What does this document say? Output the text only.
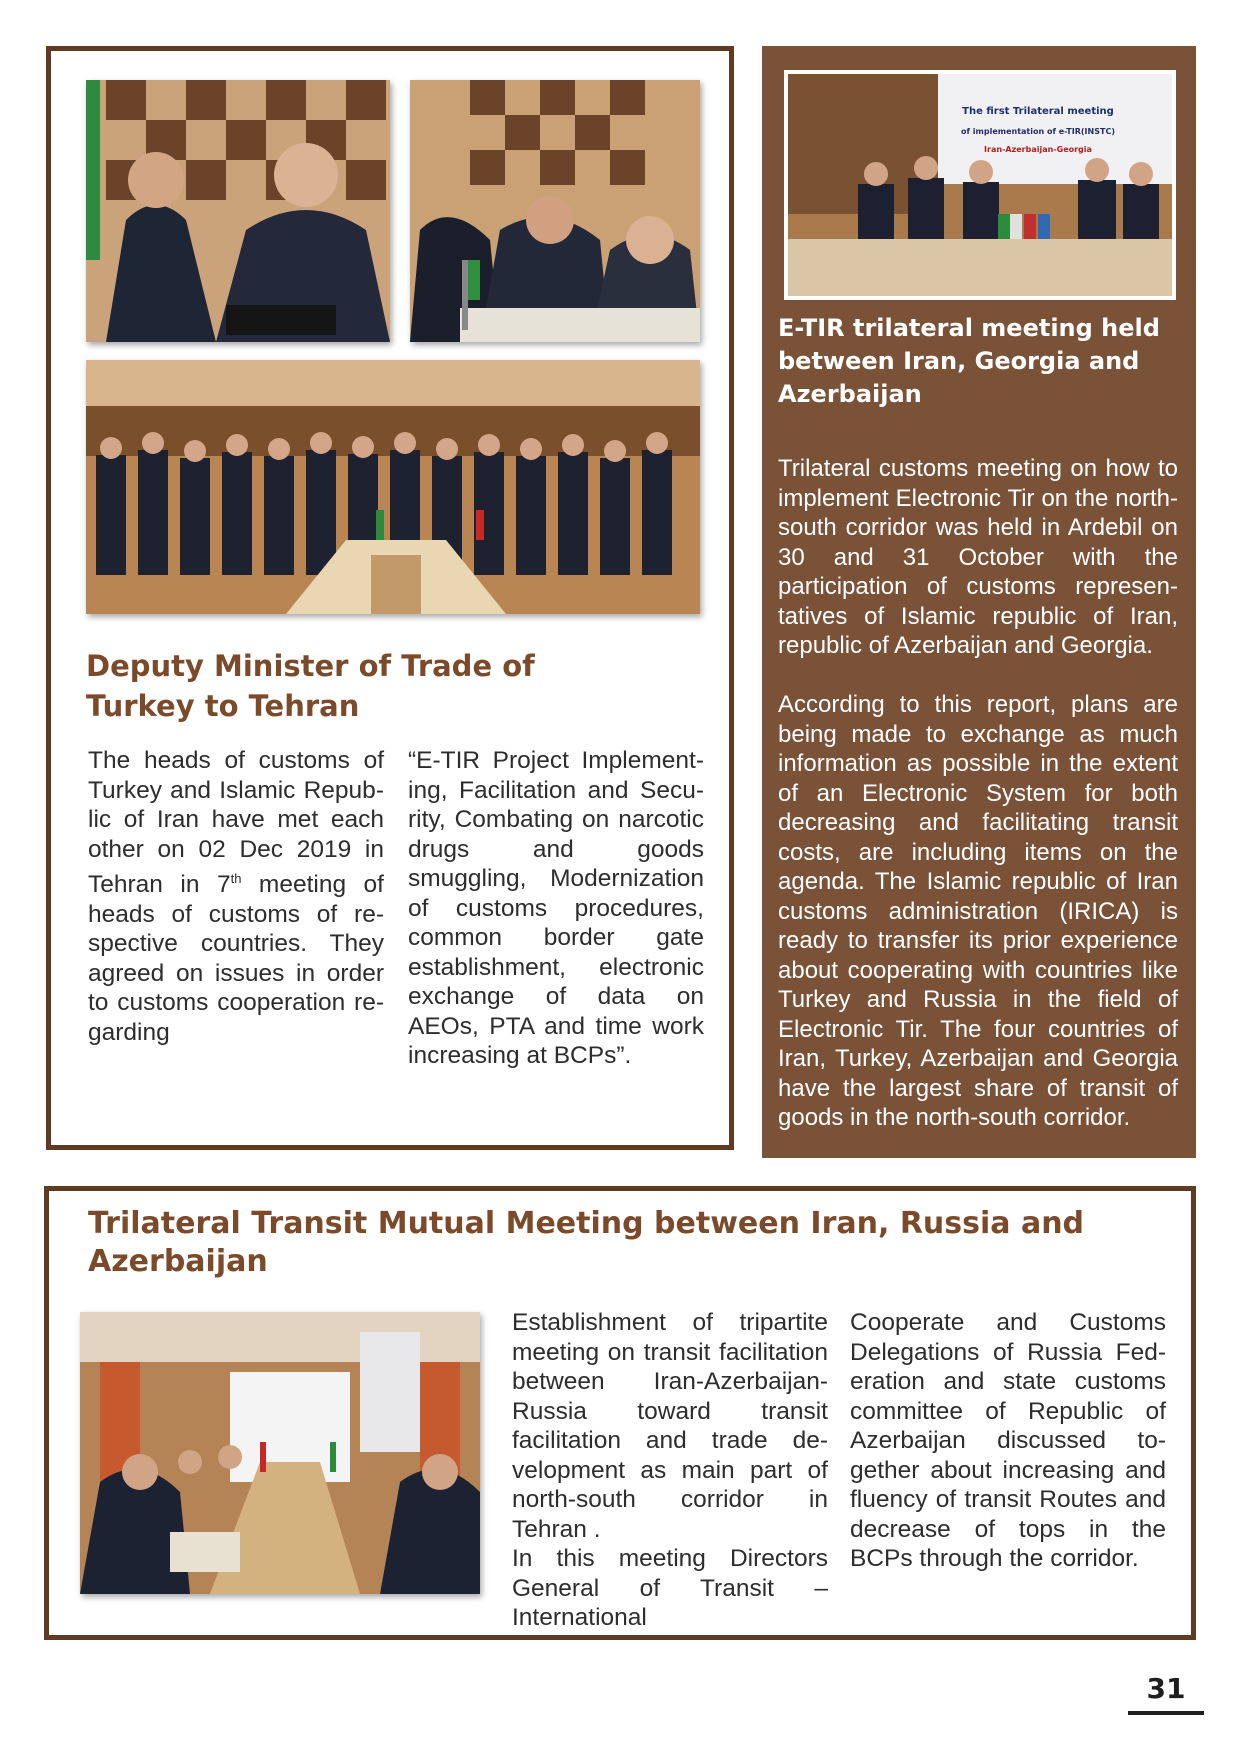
Deputy Minister of Trade of Turkey to Tehran

The heads of customs of Turkey and Islamic Republic of Iran have met each other on 02 Dec 2019 in Tehran in 7th meeting of heads of customs of respective countries. They agreed on issues in order to customs cooperation regarding

“E-TIR Project Implementing, Facilitation and Security, Combating on narcotic drugs and goods smuggling, Modernization of customs procedures, common border gate establishment, electronic exchange of data on AEOs, PTA and time work increasing at BCPs”.

The first Trilateral meeting
of implementation of e-TIR(INSTC)
Iran-Azerbaijan-Georgia
E-TIR trilateral meeting held between Iran, Georgia and Azerbaijan

Trilateral customs meeting on how to implement Electronic Tir on the north-south corridor was held in Ardebil on 30 and 31 October with the participation of customs representatives of Islamic republic of Iran, republic of Azerbaijan and Georgia.

According to this report, plans are being made to exchange as much information as possible in the extent of an Electronic System for both decreasing and facilitating transit costs, are including items on the agenda. The Islamic republic of Iran customs administration (IRICA) is ready to transfer its prior experience about cooperating with countries like Turkey and Russia in the field of Electronic Tir. The four countries of Iran, Turkey, Azerbaijan and Georgia have the largest share of transit of goods in the north-south corridor.

Trilateral Transit Mutual Meeting between Iran, Russia and Azerbaijan

Establishment of tripartite meeting on transit facilitation between Iran-Azerbaijan-Russia toward transit facilitation and trade development as main part of north-south corridor in Tehran .

In this meeting Directors General of Transit –International

Cooperate and Customs Delegations of Russia Federation and state customs committee of Republic of Azerbaijan discussed together about increasing and fluency of transit Routes and decrease of tops in the BCPs through the corridor.

31
